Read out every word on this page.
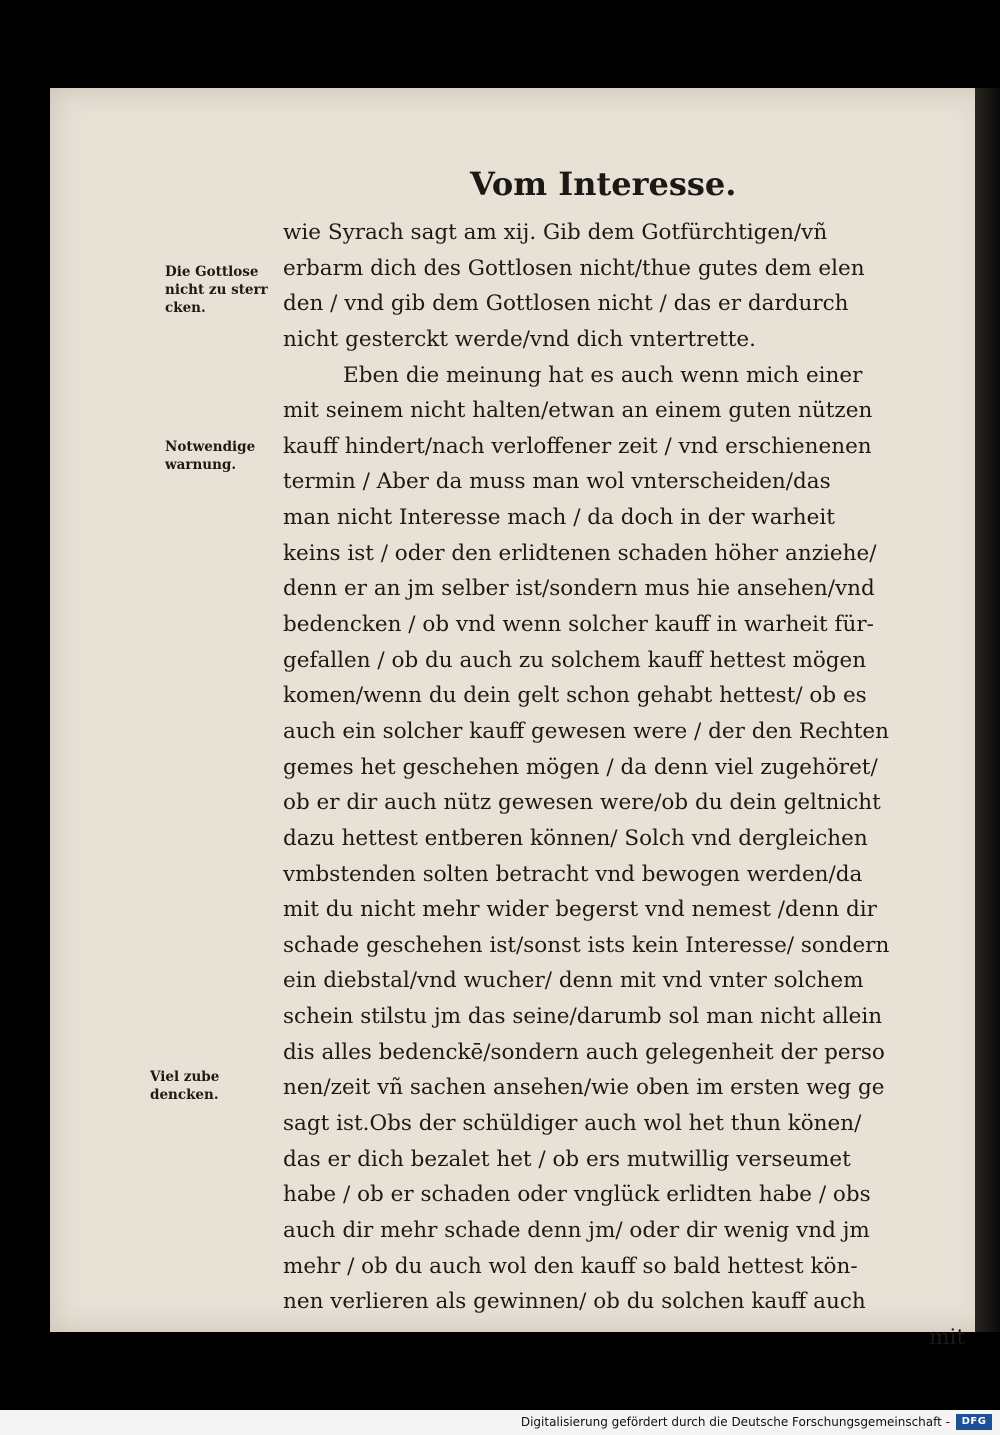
Vom Interesse.
Die Gottlose
nicht zu sterr
cken.
Notwendige
warnung.
Viel zube
dencken.
wie Syrach sagt am xij. Gib dem Gotfürchtigen/vñ
erbarm dich des Gottlosen nicht/thue gutes dem elen
den / vnd gib dem Gottlosen nicht / das er dardurch
nicht gesterckt werde/vnd dich vntertrette.
Eben die meinung hat es auch wenn mich einer
mit seinem nicht halten/etwan an einem guten nützen
kauff hindert/nach verloffener zeit / vnd erschienenen
termin / Aber da muss man wol vnterscheiden/das
man nicht Interesse mach / da doch in der warheit
keins ist / oder den erlidtenen schaden höher anziehe/
denn er an jm selber ist/sondern mus hie ansehen/vnd
bedencken / ob vnd wenn solcher kauff in warheit für-
gefallen / ob du auch zu solchem kauff hettest mögen
komen/wenn du dein gelt schon gehabt hettest/ ob es
auch ein solcher kauff gewesen were / der den Rechten
gemes het geschehen mögen / da denn viel zugehöret/
ob er dir auch nütz gewesen were/ob du dein geltnicht
dazu hettest entberen können/ Solch vnd dergleichen
vmbstenden solten betracht vnd bewogen werden/da
mit du nicht mehr wider begerst vnd nemest /denn dir
schade geschehen ist/sonst ists kein Interesse/ sondern
ein diebstal/vnd wucher/ denn mit vnd vnter solchem
schein stilstu jm das seine/darumb sol man nicht allein
dis alles bedenckē/sondern auch gelegenheit der perso
nen/zeit vñ sachen ansehen/wie oben im ersten weg ge
sagt ist.Obs der schüldiger auch wol het thun könen/
das er dich bezalet het / ob ers mutwillig verseumet
habe / ob er schaden oder vnglück erlidten habe / obs
auch dir mehr schade denn jm/ oder dir wenig vnd jm
mehr / ob du auch wol den kauff so bald hettest kön-
nen verlieren als gewinnen/ ob du solchen kauff auch
mit
Digitalisierung gefördert durch die Deutsche Forschungsgemeinschaft -	DFG
